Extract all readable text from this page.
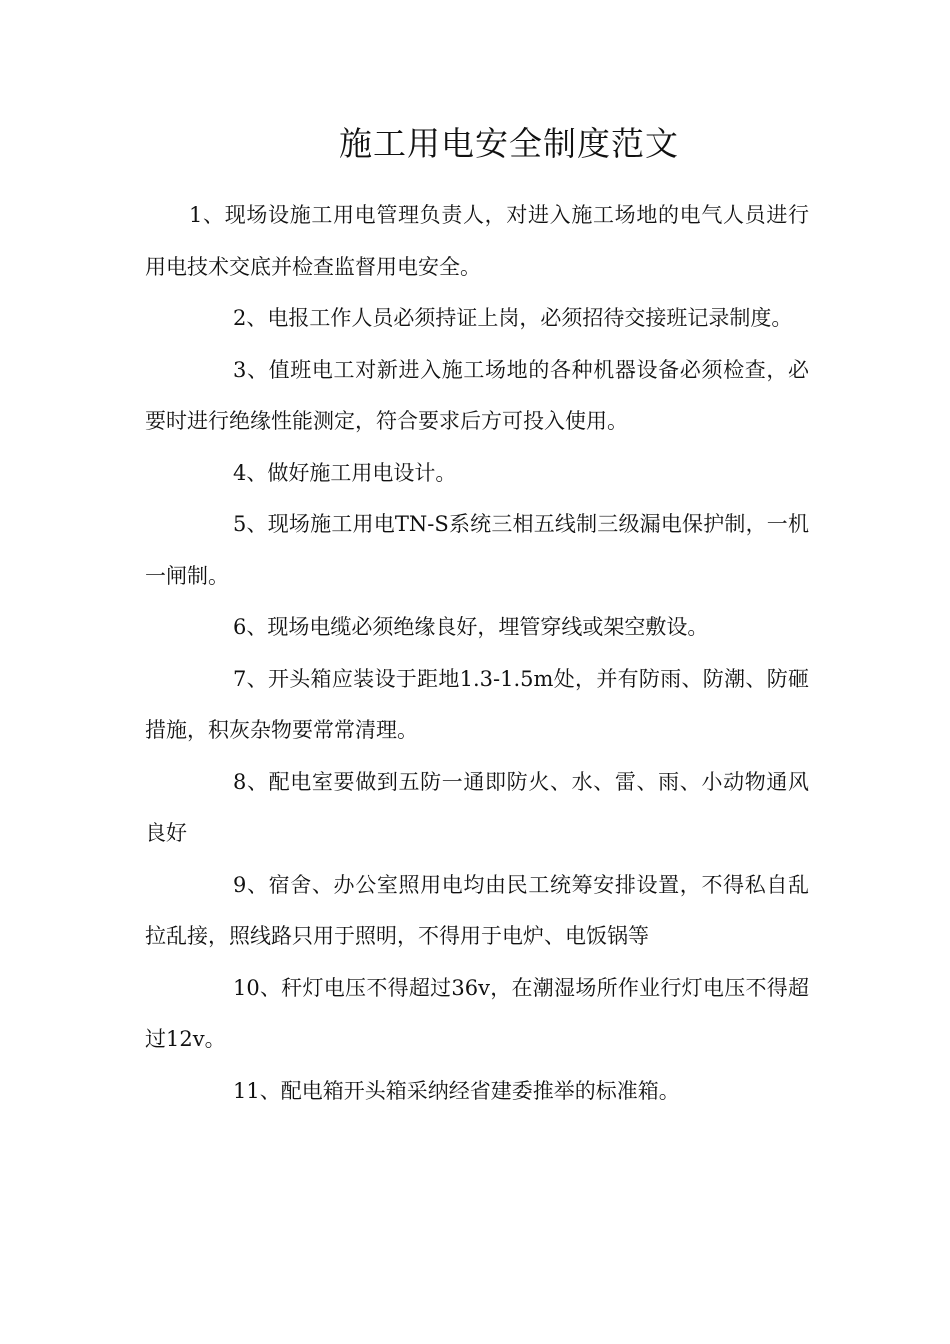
施工用电安全制度范文

1、现场设施工用电管理负责人，对进入施工场地的电气人员进行用电技术交底并检查监督用电安全。

2、电报工作人员必须持证上岗，必须招待交接班记录制度。

3、值班电工对新进入施工场地的各种机器设备必须检查，必要时进行绝缘性能测定，符合要求后方可投入使用。

4、做好施工用电设计。

5、现场施工用电TN-S系统三相五线制三级漏电保护制，一机一闸制。

6、现场电缆必须绝缘良好，埋管穿线或架空敷设。

7、开头箱应装设于距地1.3-1.5m处，并有防雨、防潮、防砸措施，积灰杂物要常常清理。

8、配电室要做到五防一通即防火、水、雷、雨、小动物通风良好

9、宿舍、办公室照用电均由民工统筹安排设置，不得私自乱拉乱接，照线路只用于照明，不得用于电炉、电饭锅等

10、秆灯电压不得超过36v，在潮湿场所作业行灯电压不得超过12v。

11、配电箱开头箱采纳经省建委推举的标准箱。
